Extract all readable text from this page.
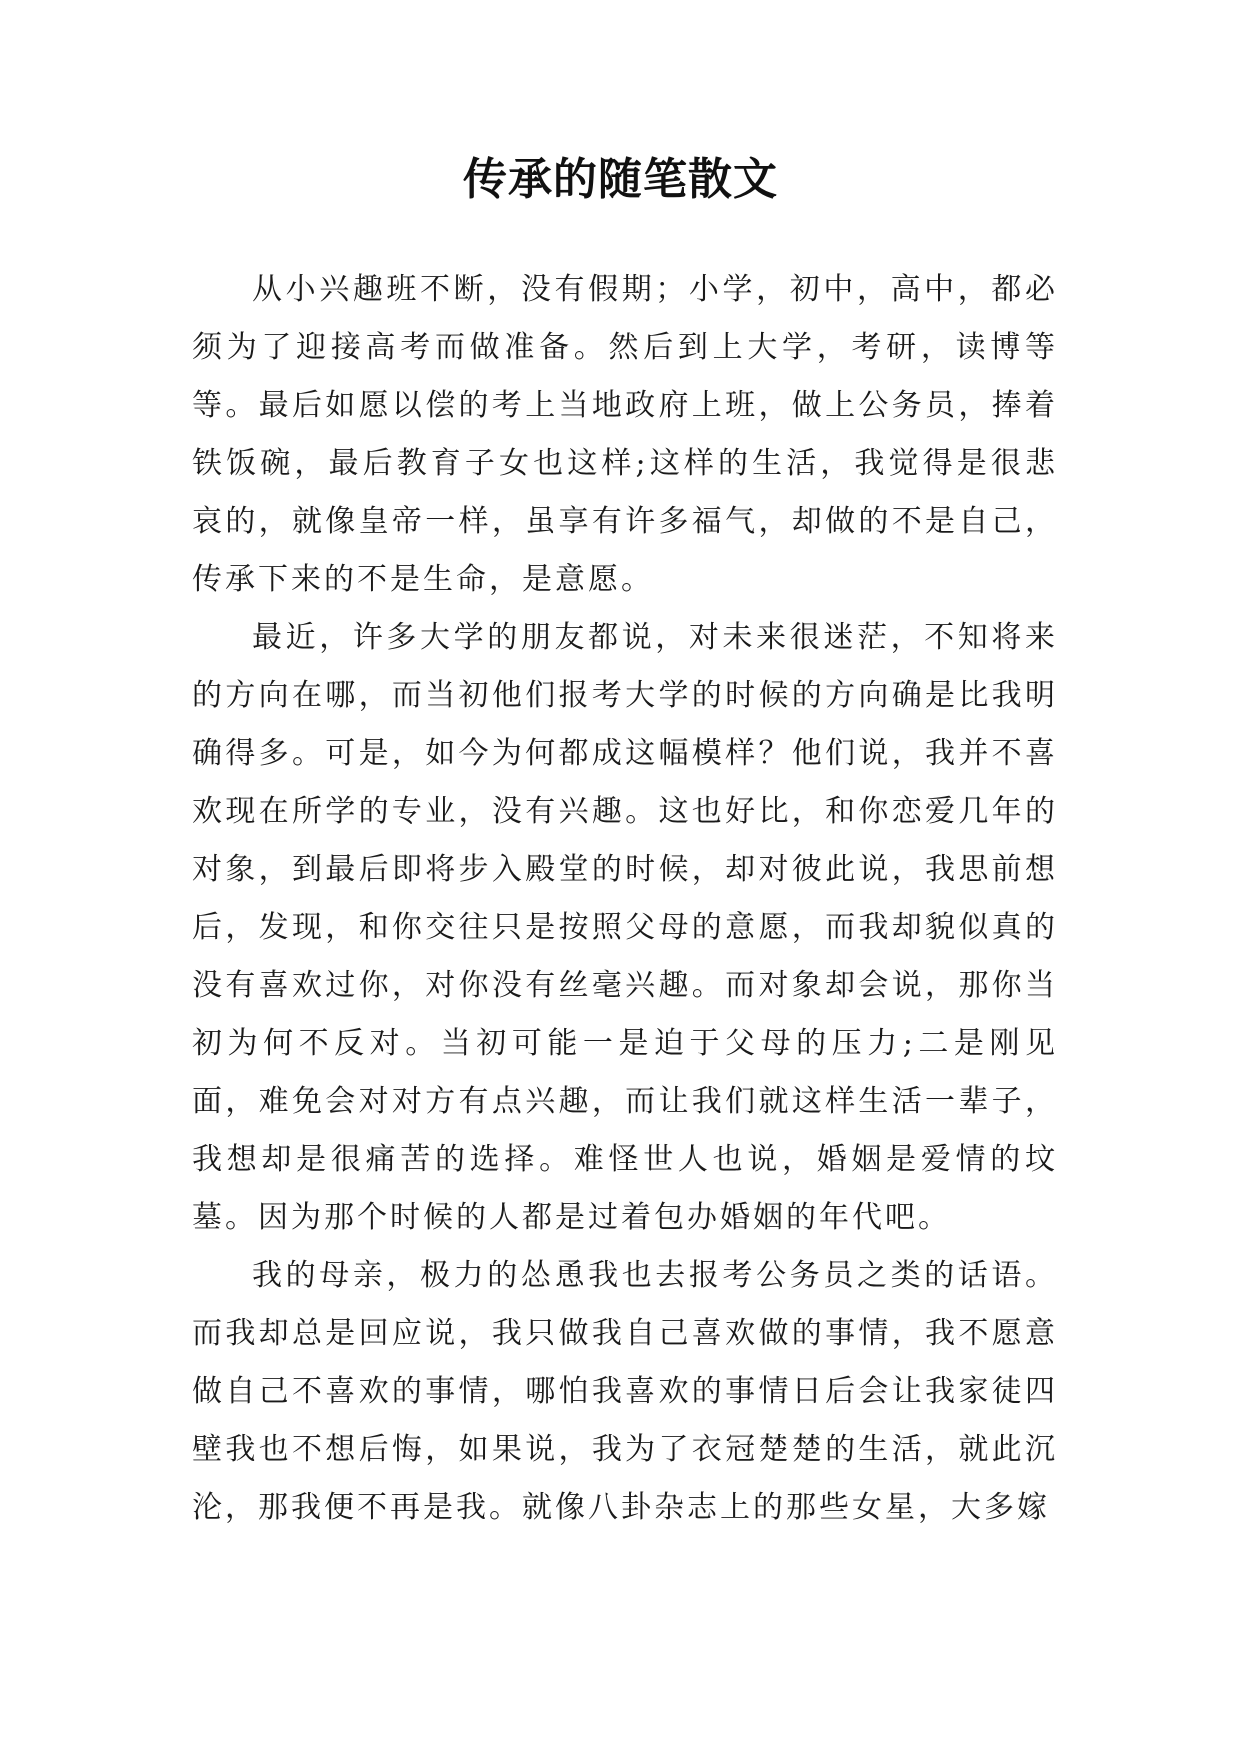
传承的随笔散文

从小兴趣班不断，没有假期；小学，初中，高中，都必须为了迎接高考而做准备。然后到上大学，考研，读博等等。最后如愿以偿的考上当地政府上班，做上公务员，捧着铁饭碗，最后教育子女也这样;这样的生活，我觉得是很悲哀的，就像皇帝一样，虽享有许多福气，却做的不是自己，传承下来的不是生命，是意愿。

最近，许多大学的朋友都说，对未来很迷茫，不知将来的方向在哪，而当初他们报考大学的时候的方向确是比我明确得多。可是，如今为何都成这幅模样？他们说，我并不喜欢现在所学的专业，没有兴趣。这也好比，和你恋爱几年的对象，到最后即将步入殿堂的时候，却对彼此说，我思前想后，发现，和你交往只是按照父母的意愿，而我却貌似真的没有喜欢过你，对你没有丝毫兴趣。而对象却会说，那你当初为何不反对。当初可能一是迫于父母的压力;二是刚见面，难免会对对方有点兴趣，而让我们就这样生活一辈子，我想却是很痛苦的选择。难怪世人也说，婚姻是爱情的坟墓。因为那个时候的人都是过着包办婚姻的年代吧。

我的母亲，极力的怂恿我也去报考公务员之类的话语。而我却总是回应说，我只做我自己喜欢做的事情，我不愿意做自己不喜欢的事情，哪怕我喜欢的事情日后会让我家徒四壁我也不想后悔，如果说，我为了衣冠楚楚的生活，就此沉沦，那我便不再是我。就像八卦杂志上的那些女星，大多嫁
